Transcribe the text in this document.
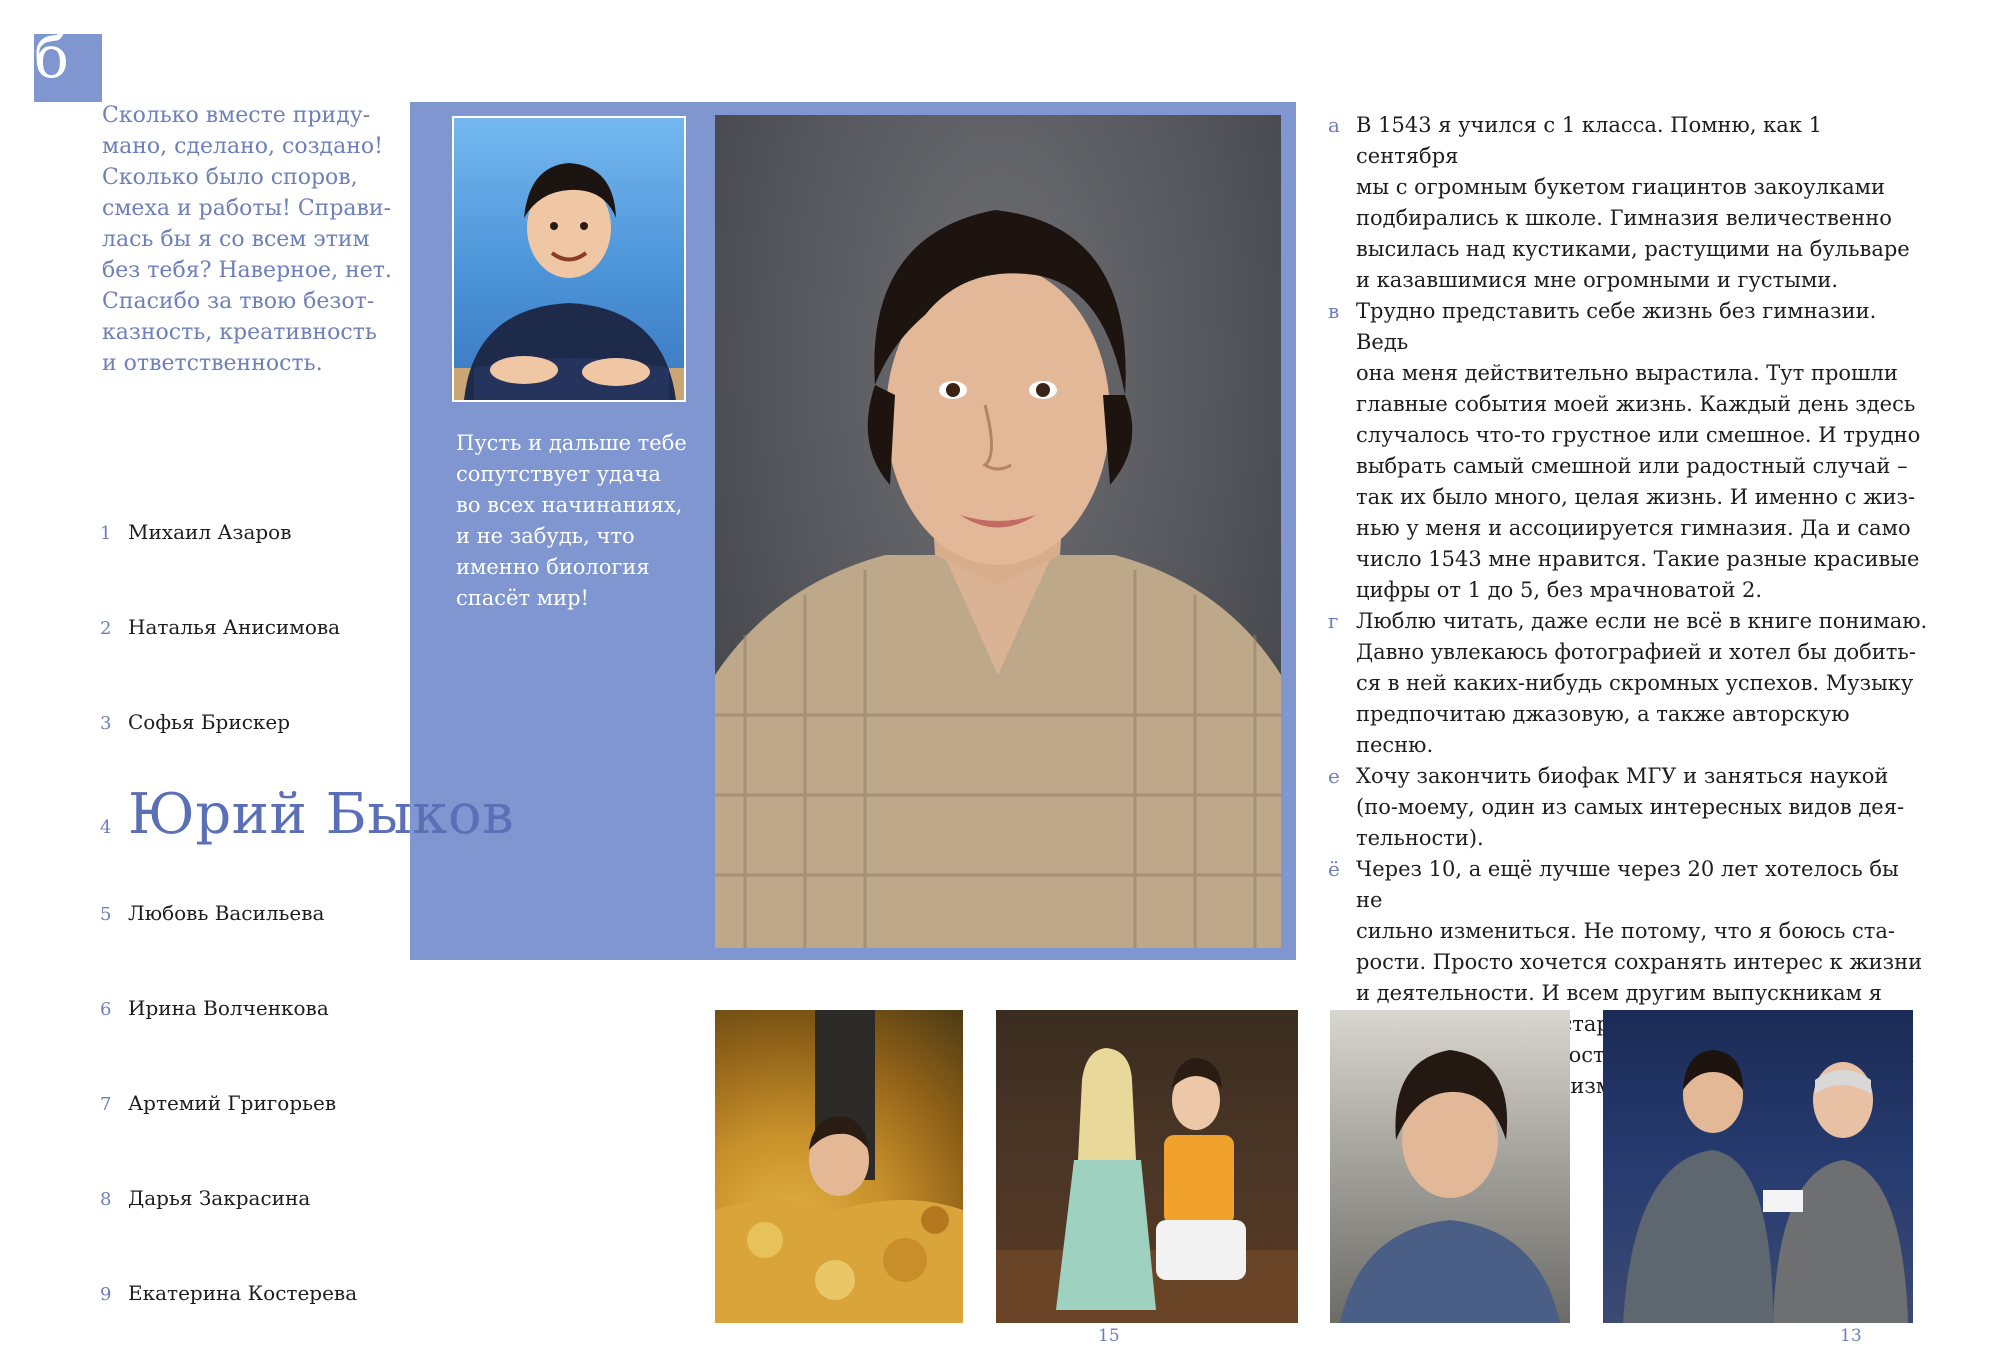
б

Сколько вместе приду-
мано, сделано, создано!
Сколько было споров,
смеха и работы! Справи-
лась бы я со всем этим
без тебя? Наверное, нет.
Спасибо за твою безот-
казность, креативность
и ответственность.

1 Михаил Азаров
2 Наталья Анисимова
3 Софья Брискер
4 Юрий Быков
5 Любовь Васильева
6 Ирина Волченкова
7 Артемий Григорьев
8 Дарья Закрасина
9 Екатерина Костерева
Пусть и дальше тебе
сопутствует удача
во всех начинаниях,
и не забудь, что
именно биология
спасёт мир!
а В 1543 я учился с 1 класса. Помню, как 1 сентября
мы с огромным букетом гиацинтов закоулками
подбирались к школе. Гимназия величественно
высилась над кустиками, растущими на бульваре
и казавшимися мне огромными и густыми.
в Трудно представить себе жизнь без гимназии. Ведь
она меня действительно вырастила. Тут прошли
главные события моей жизнь. Каждый день здесь
случалось что-то грустное или смешное. И трудно
выбрать самый смешной или радостный случай –
так их было много, целая жизнь. И именно с жиз-
нью у меня и ассоциируется гимназия. Да и само
число 1543 мне нравится. Такие разные красивые
цифры от 1 до 5, без мрачноватой 2.
г Люблю читать, даже если не всё в книге понимаю.
Давно увлекаюсь фотографией и хотел бы добить-
ся в ней каких-нибудь скромных успехов. Музыку
предпочитаю джазовую, а также авторскую песню.
е Хочу закончить биофак МГУ и заняться наукой
(по-моему, один из самых интересных видов дея-
тельности).
ё Через 10, а ещё лучше через 20 лет хотелось бы не
сильно измениться. Не потому, что я боюсь ста-
рости. Просто хочется сохранять интерес к жизни
и деятельности. И всем другим выпускникам я

15	13
